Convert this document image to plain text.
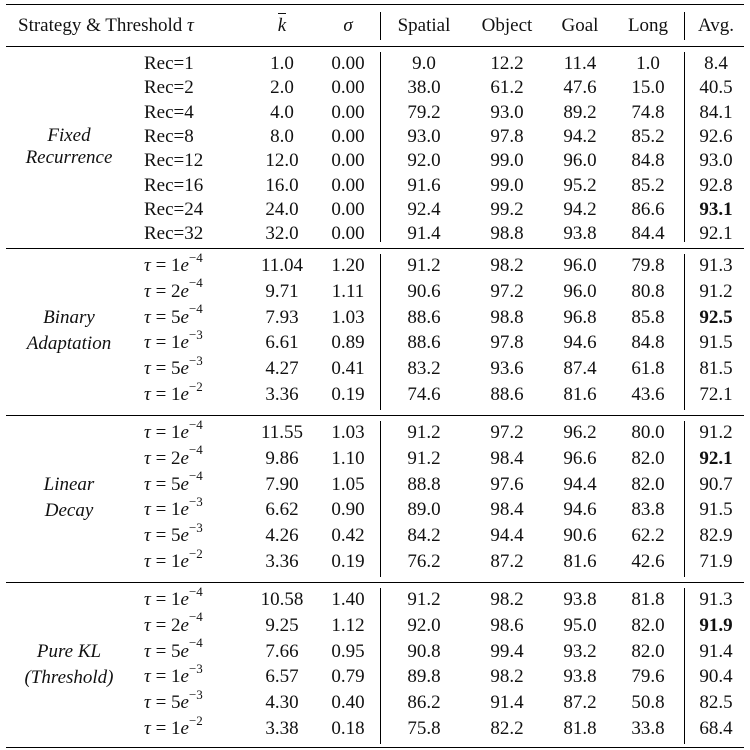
Strategy & Threshold τ	k	σ	Spatial	Object	Goal	Long	Avg.
Fixed
Recurrence
Rec=1	1.0	0.00	9.0	12.2	11.4	1.0	8.4
Rec=2	2.0	0.00	38.0	61.2	47.6	15.0	40.5
Rec=4	4.0	0.00	79.2	93.0	89.2	74.8	84.1
Rec=8	8.0	0.00	93.0	97.8	94.2	85.2	92.6
Rec=12	12.0	0.00	92.0	99.0	96.0	84.8	93.0
Rec=16	16.0	0.00	91.6	99.0	95.2	85.2	92.8
Rec=24	24.0	0.00	92.4	99.2	94.2	86.6	93.1
Rec=32	32.0	0.00	91.4	98.8	93.8	84.4	92.1
Binary
Adaptation
$\tau = 1e^{-4}$	11.04	1.20	91.2	98.2	96.0	79.8	91.3
$\tau = 2e^{-4}$	9.71	1.11	90.6	97.2	96.0	80.8	91.2
$\tau = 5e^{-4}$	7.93	1.03	88.6	98.8	96.8	85.8	92.5
$\tau = 1e^{-3}$	6.61	0.89	88.6	97.8	94.6	84.8	91.5
$\tau = 5e^{-3}$	4.27	0.41	83.2	93.6	87.4	61.8	81.5
$\tau = 1e^{-2}$	3.36	0.19	74.6	88.6	81.6	43.6	72.1
Linear
Decay
$\tau = 1e^{-4}$	11.55	1.03	91.2	97.2	96.2	80.0	91.2
$\tau = 2e^{-4}$	9.86	1.10	91.2	98.4	96.6	82.0	92.1
$\tau = 5e^{-4}$	7.90	1.05	88.8	97.6	94.4	82.0	90.7
$\tau = 1e^{-3}$	6.62	0.90	89.0	98.4	94.6	83.8	91.5
$\tau = 5e^{-3}$	4.26	0.42	84.2	94.4	90.6	62.2	82.9
$\tau = 1e^{-2}$	3.36	0.19	76.2	87.2	81.6	42.6	71.9
Pure KL
(Threshold)
$\tau = 1e^{-4}$	10.58	1.40	91.2	98.2	93.8	81.8	91.3
$\tau = 2e^{-4}$	9.25	1.12	92.0	98.6	95.0	82.0	91.9
$\tau = 5e^{-4}$	7.66	0.95	90.8	99.4	93.2	82.0	91.4
$\tau = 1e^{-3}$	6.57	0.79	89.8	98.2	93.8	79.6	90.4
$\tau = 5e^{-3}$	4.30	0.40	86.2	91.4	87.2	50.8	82.5
$\tau = 1e^{-2}$	3.38	0.18	75.8	82.2	81.8	33.8	68.4
